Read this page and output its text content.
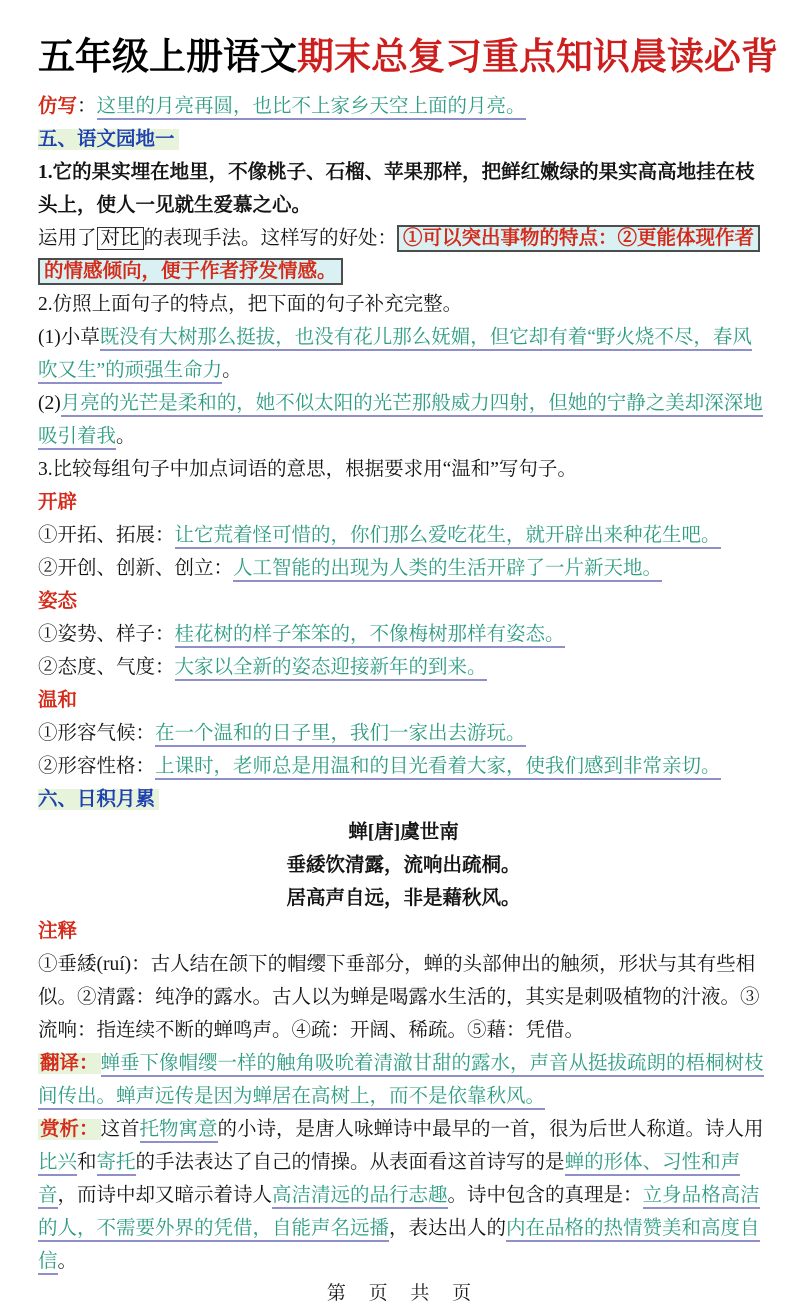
五年级上册语文期末总复习重点知识晨读必背
仿写：这里的月亮再圆，也比不上家乡天空上面的月亮。
五、语文园地一
1.它的果实埋在地里，不像桃子、石榴、苹果那样，把鲜红嫩绿的果实高高地挂在枝头上，使人一见就生爱慕之心。
运用了 对比 的表现手法。这样写的好处： ①可以突出事物的特点：②更能体现作者的情感倾向，便于作者抒发情感。
2.仿照上面句子的特点，把下面的句子补充完整。
(1)小草既没有大树那么挺拔，也没有花儿那么妩媚，但它却有着“野火烧不尽，春风吹又生”的顽强生命力。
(2)月亮的光芒是柔和的，她不似太阳的光芒那般威力四射，但她的宁静之美却深深地吸引着我。
3.比较每组句子中加点词语的意思，根据要求用“温和”写句子。
开辟
①开拓、拓展：让它荒着怪可惜的，你们那么爱吃花生，就开辟出来种花生吧。
②开创、创新、创立：人工智能的出现为人类的生活开辟了一片新天地。
姿态
①姿势、样子：桂花树的样子笨笨的，不像梅树那样有姿态。
②态度、气度：大家以全新的姿态迎接新年的到来。
温和
①形容气候：在一个温和的日子里，我们一家出去游玩。
②形容性格：上课时，老师总是用温和的目光看着大家，使我们感到非常亲切。
六、日积月累
蝉[唐]虞世南
垂緌饮清露，流响出疏桐。
居高声自远，非是藉秋风。
注释
①垂緌(ruí)：古人结在颌下的帽缨下垂部分，蝉的头部伸出的触须，形状与其有些相似。②清露：纯净的露水。古人以为蝉是喝露水生活的，其实是刺吸植物的汁液。③流响：指连续不断的蝉鸣声。④疏：开阔、稀疏。⑤藉：凭借。
翻译： 蝉垂下像帽缨一样的触角吸吮着清澈甘甜的露水，声音从挺拔疏朗的梧桐树枝间传出。蝉声远传是因为蝉居在高树上，而不是依靠秋风。
赏析： 这首托物寓意的小诗，是唐人咏蝉诗中最早的一首，很为后世人称道。诗人用比兴和寄托的手法表达了自己的情操。从表面看这首诗写的是蝉的形体、习性和声音，而诗中却又暗示着诗人高洁清远的品行志趣。诗中包含的真理是：立身品格高洁的人，不需要外界的凭借，自能声名远播，表达出人的内在品格的热情赞美和高度自信。
第 页 共 页
